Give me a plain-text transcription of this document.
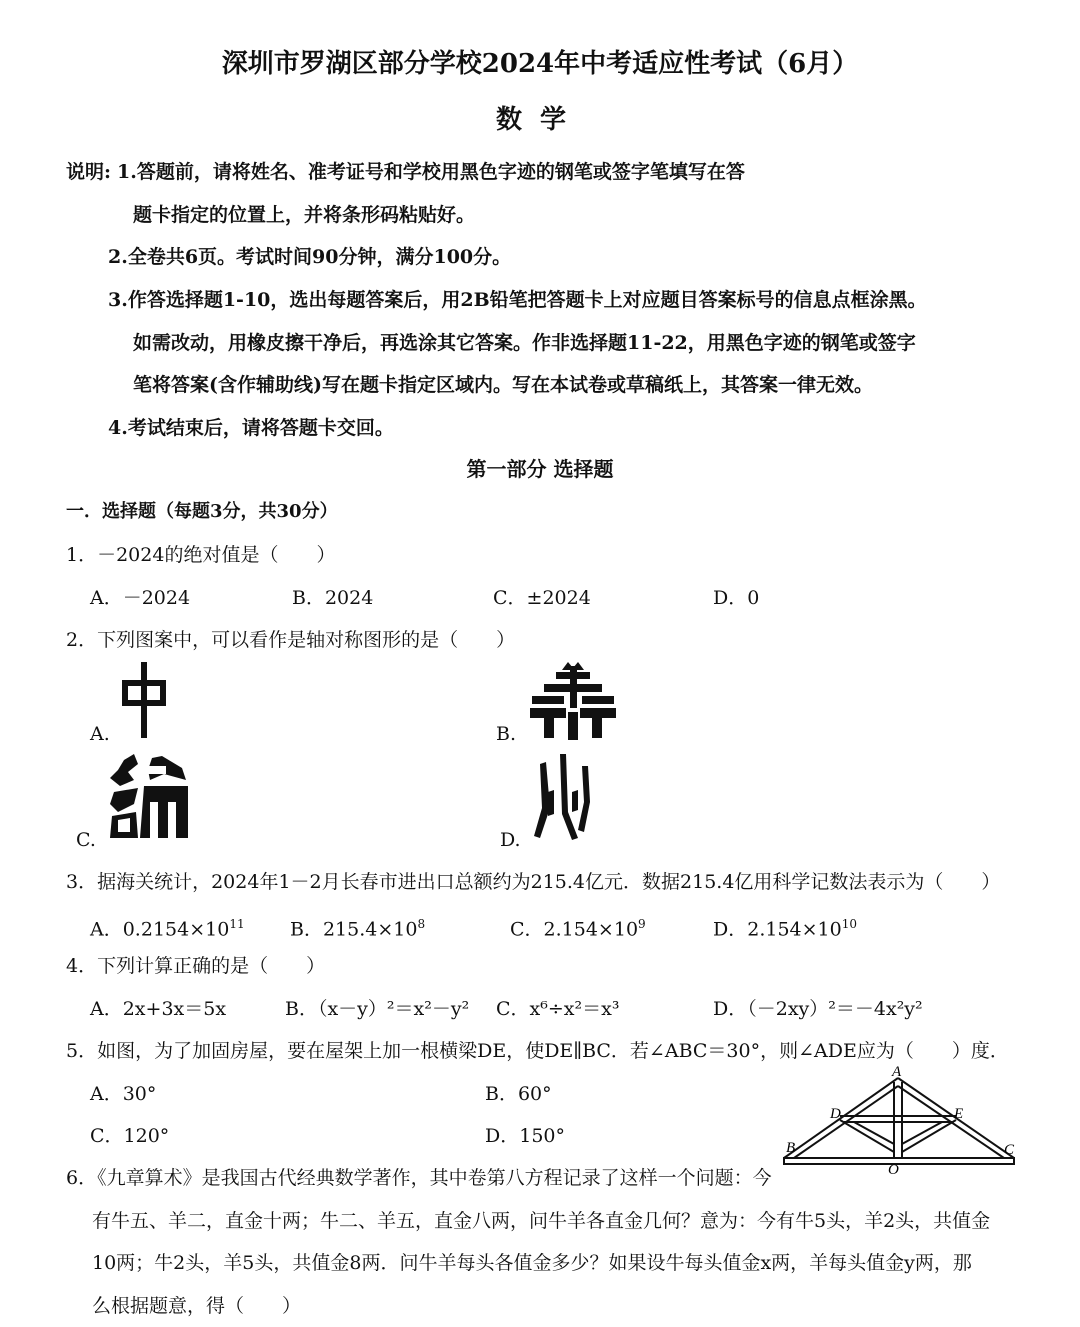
深圳市罗湖区部分学校2024年中考适应性考试（6月）
数学
说明: 1.答题前，请将姓名、准考证号和学校用黑色字迹的钢笔或签字笔填写在答
题卡指定的位置上，并将条形码粘贴好。
2.全卷共6页。考试时间90分钟，满分100分。
3.作答选择题1-10，选出每题答案后，用2B铅笔把答题卡上对应题目答案标号的信息点框涂黑。
如需改动，用橡皮擦干净后，再选涂其它答案。作非选择题11-22，用黑色字迹的钢笔或签字
笔将答案(含作辅助线)写在题卡指定区域内。写在本试卷或草稿纸上，其答案一律无效。
4.考试结束后，请将答题卡交回。
第一部分 选择题
一．选择题（每题3分，共30分）
1．－2024的绝对值是（　　）
A．－2024	B．2024	C．±2024	D．0
2．下列图案中，可以看作是轴对称图形的是（　　）
A.	B.
C.	D.
3．据海关统计，2024年1－2月长春市进出口总额约为215.4亿元．数据215.4亿用科学记数法表示为（　　）
A．$0.2154\times 10^{11}$ B．$215.4\times 10^8$	C．$2.154\times 10^9$	D．$2.154\times 10^{10}$
4．下列计算正确的是（　　）
A．2x+3x＝5x	B．（x－y）²＝x²－y² C．x⁶÷x²＝x³	D．（－2xy）²＝－4x²y²
5．如图，为了加固房屋，要在屋架上加一根横梁DE，使DE∥BC．若∠ABC＝30°，则∠ADE应为（　　）度．
A．30°	B．60°
C．120°	D．150°
A
D	E
B	C
O
6．《九章算术》是我国古代经典数学著作，其中卷第八方程记录了这样一个问题：今
有牛五、羊二，直金十两；牛二、羊五，直金八两，问牛羊各直金几何？意为：今有牛5头，羊2头，共值金
10两；牛2头，羊5头，共值金8两．问牛羊每头各值金多少？如果设牛每头值金x两，羊每头值金y两，那
么根据题意，得（　　）
